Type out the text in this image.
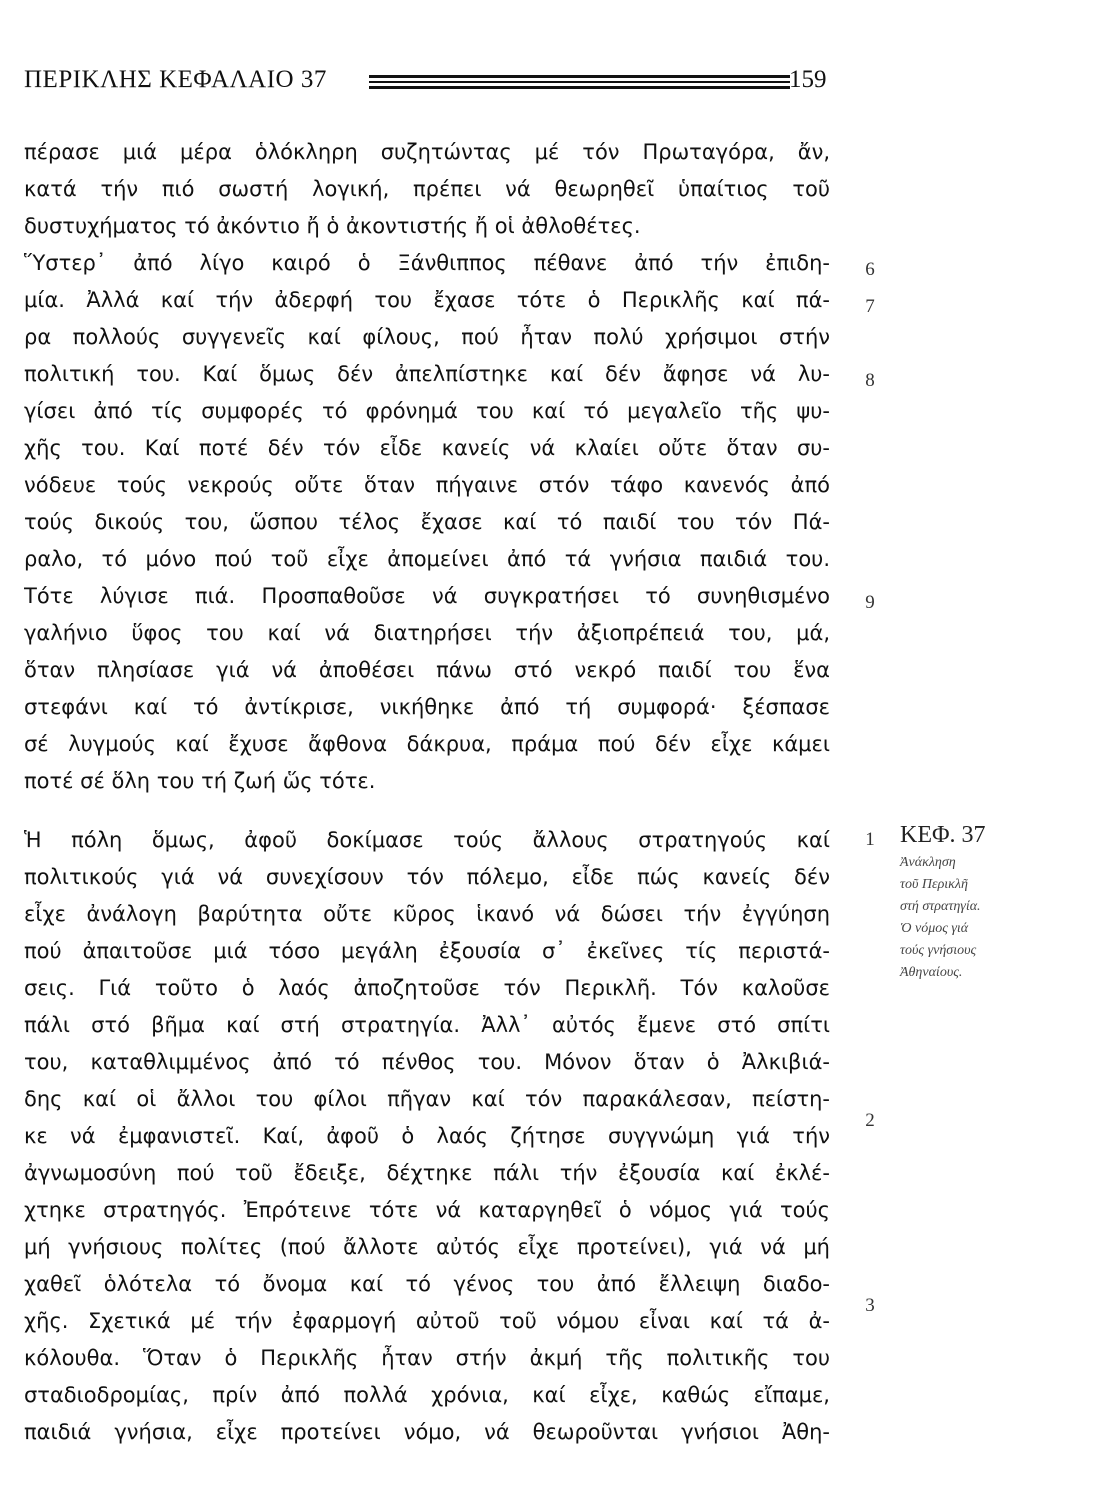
ΠΕΡΙΚΛΗΣ ΚΕΦΑΛΑΙΟ 37	159
πέρασε μιά μέρα ὁλόκληρη συζητώντας μέ τόν Πρωταγόρα, ἄν,
κατά τήν πιό σωστή λογική, πρέπει νά θεωρηθεῖ ὑπαίτιος τοῦ
δυστυχήματος τό ἀκόντιο ἤ ὁ ἀκοντιστής ἤ οἱ ἀθλοθέτες.
Ὕστερ᾽ ἀπό λίγο καιρό ὁ Ξάνθιππος πέθανε ἀπό τήν ἐπιδη-
μία. Ἀλλά καί τήν ἀδερφή του ἔχασε τότε ὁ Περικλῆς καί πά-
ρα πολλούς συγγενεῖς καί φίλους, πού ἦταν πολύ χρήσιμοι στήν
πολιτική του. Καί ὅμως δέν ἀπελπίστηκε καί δέν ἄφησε νά λυ-
γίσει ἀπό τίς συμφορές τό φρόνημά του καί τό μεγαλεῖο τῆς ψυ-
χῆς του. Καί ποτέ δέν τόν εἶδε κανείς νά κλαίει οὔτε ὅταν συ-
νόδευε τούς νεκρούς οὔτε ὅταν πήγαινε στόν τάφο κανενός ἀπό
τούς δικούς του, ὥσπου τέλος ἔχασε καί τό παιδί του τόν Πά-
ραλο, τό μόνο πού τοῦ εἶχε ἀπομείνει ἀπό τά γνήσια παιδιά του.
Τότε λύγισε πιά. Προσπαθοῦσε νά συγκρατήσει τό συνηθισμένο
γαλήνιο ὕφος του καί νά διατηρήσει τήν ἀξιοπρέπειά του, μά,
ὅταν πλησίασε γιά νά ἀποθέσει πάνω στό νεκρό παιδί του ἕνα
στεφάνι καί τό ἀντίκρισε, νικήθηκε ἀπό τή συμφορά· ξέσπασε
σέ λυγμούς καί ἔχυσε ἄφθονα δάκρυα, πράμα πού δέν εἶχε κάμει
ποτέ σέ ὅλη του τή ζωή ὥς τότε.
Ἡ πόλη ὅμως, ἀφοῦ δοκίμασε τούς ἄλλους στρατηγούς καί
πολιτικούς γιά νά συνεχίσουν τόν πόλεμο, εἶδε πώς κανείς δέν
εἶχε ἀνάλογη βαρύτητα οὔτε κῦρος ἱκανό νά δώσει τήν ἐγγύηση
πού ἀπαιτοῦσε μιά τόσο μεγάλη ἐξουσία σ᾽ ἐκεῖνες τίς περιστά-
σεις. Γιά τοῦτο ὁ λαός ἀποζητοῦσε τόν Περικλῆ. Τόν καλοῦσε
πάλι στό βῆμα καί στή στρατηγία. Ἀλλ᾽ αὐτός ἔμενε στό σπίτι
του, καταθλιμμένος ἀπό τό πένθος του. Μόνον ὅταν ὁ Ἀλκιβιά-
δης καί οἱ ἄλλοι του φίλοι πῆγαν καί τόν παρακάλεσαν, πείστη-
κε νά ἐμφανιστεῖ. Καί, ἀφοῦ ὁ λαός ζήτησε συγγνώμη γιά τήν
ἀγνωμοσύνη πού τοῦ ἔδειξε, δέχτηκε πάλι τήν ἐξουσία καί ἐκλέ-
χτηκε στρατηγός. Ἐπρότεινε τότε νά καταργηθεῖ ὁ νόμος γιά τούς
μή γνήσιους πολίτες (πού ἄλλοτε αὐτός εἶχε προτείνει), γιά νά μή
χαθεῖ ὁλότελα τό ὄνομα καί τό γένος του ἀπό ἔλλειψη διαδο-
χῆς. Σχετικά μέ τήν ἐφαρμογή αὐτοῦ τοῦ νόμου εἶναι καί τά ἀ-
κόλουθα. Ὅταν ὁ Περικλῆς ἦταν στήν ἀκμή τῆς πολιτικῆς του
σταδιοδρομίας, πρίν ἀπό πολλά χρόνια, καί εἶχε, καθώς εἴπαμε,
παιδιά γνήσια, εἶχε προτείνει νόμο, νά θεωροῦνται γνήσιοι Ἀθη-
6
7
8
9
1
2
3
ΚΕΦ. 37
Ἀνάκληση
τοῦ Περικλῆ
στή στρατηγία.
Ὁ νόμος γιά
τούς γνήσιους
Ἀθηναίους.
